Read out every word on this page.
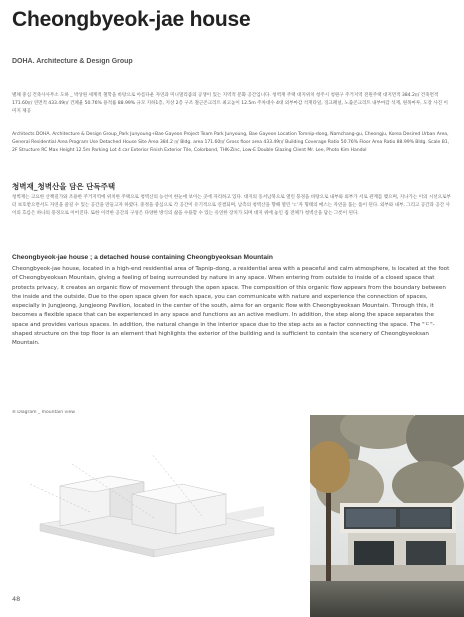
Cheongbyeok-jae house
DOHA. Architecture & Design Group
별채 중심 건축사사무소 도하 _ 박상원 세계적 철학을 바탕으로 아름다운 자연과 미니멀리즘의 공생이 있는 지역적 문화 공간입니다. 청벽재 주택 대지위치 청주시 청원구 주거지역 전원주택 대지면적 384.2㎡ 건축면적 171.60㎡ 연면적 433.49㎡ 건폐율 50.76% 용적률 88.99% 규모 지하1층, 지상 2층 구조 철근콘크리트 최고높이 12.5m 주차대수 4대 외부마감 석재타일, 징크패널, 노출콘크리트 내부마감 석재, 원목마루, 도장 사진 이미지 제공
Architects DOHA. Architecture & Design Group_Park Junyoung+Bae Gayeon Project Team Park Junyoung, Bae Gayeon Location Tomnip-dong, Namchang-gu, Cheongju, Korea Desired Urban Area, General Residential Area Program Use Detached House Site Area 384.2 ㎡ Bldg. area 171.60㎡ Gross floor area 433.49㎡ Building Coverage Ratio 50.76% Floor Area Ratio 88.99% Bldg. Scale B1, 2F Structure RC Max Height 12.5m Parking Lot 4 car Exterior Finish Exterior Tile, Colorbond, THK-Zinc, Low-E Double Glazing Client Mr. Lee, Photo Kim Handol
청벽재_청벽산을 담은 단독주택
청벽재는 고요한 산책길가와 조용한 주거지역에 위치한 주택으로 청벽산의 능선이 한눈에 보이는 곳에 자리하고 있다. 대지의 동서남북으로 열린 풍경을 바탕으로 내부와 외부가 서로 관계를 맺으며, 지나가는 이의 시선으로부터 보호받으면서도 자연을 즐길 수 있는 공간을 만들고자 하였다. 중정을 중심으로 각 공간이 유기적으로 연결되며, 남측의 청벽산을 향해 열린 'ㄷ'자 형태의 매스는 자연을 품는 틀이 된다. 외부와 내부, 그리고 공간과 공간 사이의 흐름은 하나의 풍경으로 이어진다. 또한 이러한 공간의 구성은 다양한 방식의 삶을 수용할 수 있는 유연한 장치가 되며 대지 위에 놓인 집 전체가 청벽산을 담는 그릇이 된다.
Cheongbyeok-jae house ; a detached house containing Cheongbyeoksan Mountain
Cheongbyeok-jae house, located in a high-end residential area of Tapnip-dong, a residential area with a peaceful and calm atmosphere, is located at the foot of Cheongbyeoksan Mountain, giving a feeling of being surrounded by nature in any space. When entering from outside to inside of a closed space that protects privacy, it creates an organic flow of movement through the open space. The composition of this organic flow appears from the boundary between the inside and the outside. Due to the open space given for each space, you can communicate with nature and experience the connection of spaces, especially in Jungjeong, Jungjeong Pavilion, located in the center of the south, aims for an organic flow with Cheongbyeoksan Mountain. Through this, it becomes a flexible space that can be experienced in any space and functions as an active medium. In addition, the step along the space separates the space and provides various spaces. In addition, the natural change in the interior space due to the step acts as a factor connecting the space. The "ㄷ"-shaped structure on the top floor is an element that highlights the exterior of the building and is sufficient to contain the scenery of Cheongbyeoksan Mountain.
≡ Diagram _ mountain view
48
